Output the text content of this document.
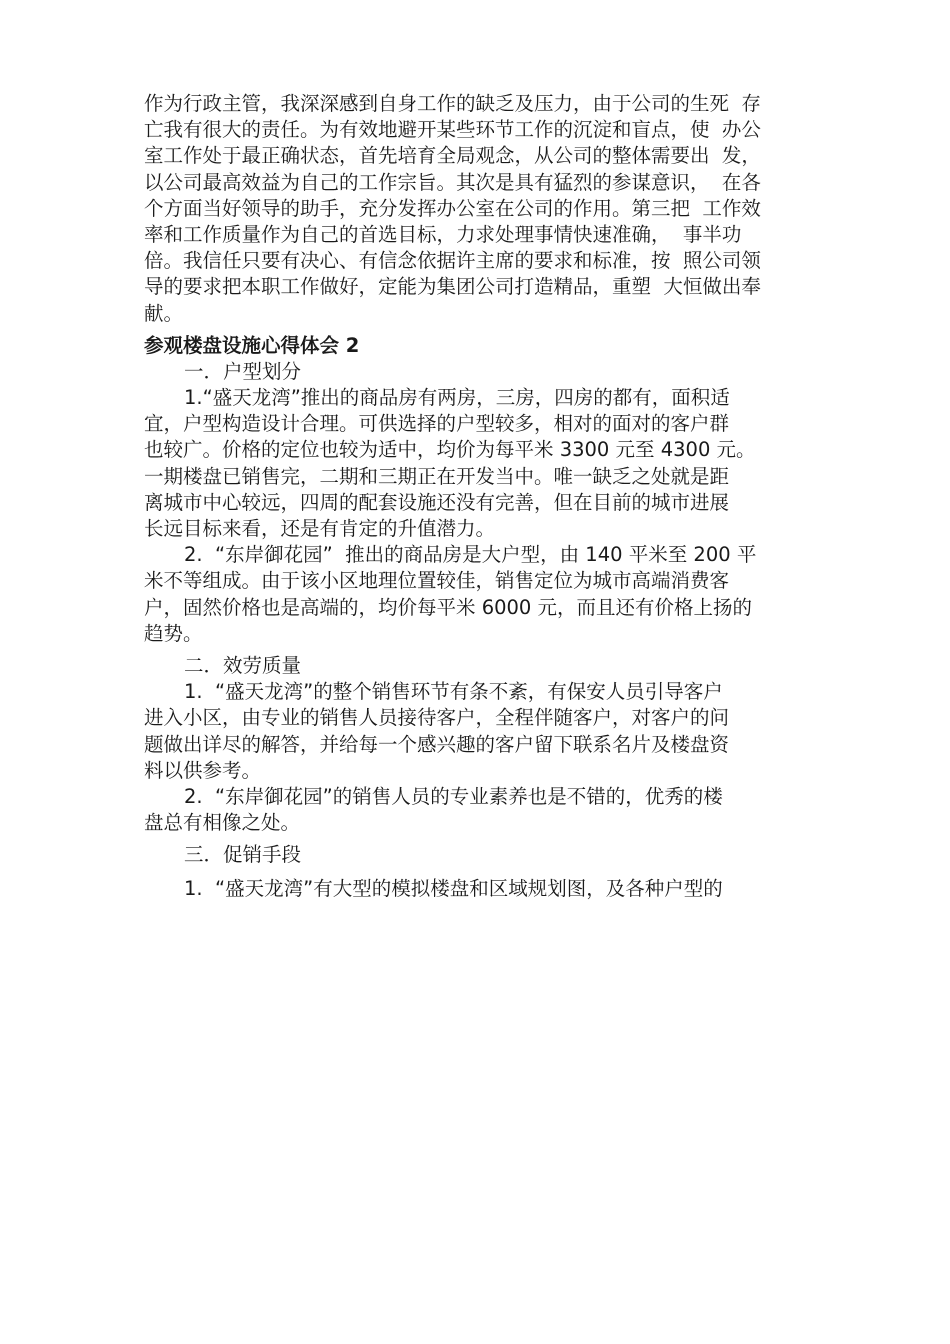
作为行政主管，我深深感到自身工作的缺乏及压力，由于公司的生死  存

亡我有很大的责任。为有效地避开某些环节工作的沉淀和盲点，使  办公

室工作处于最正确状态，首先培育全局观念，从公司的整体需要出  发，

以公司最高效益为自己的工作宗旨。其次是具有猛烈的参谋意识，  在各

个方面当好领导的助手，充分发挥办公室在公司的作用。第三把  工作效

率和工作质量作为自己的首选目标，力求处理事情快速准确，  事半功

倍。我信任只要有决心、有信念依据许主席的要求和标准，按  照公司领

导的要求把本职工作做好，定能为集团公司打造精品，重塑  大恒做出奉

献。

参观楼盘设施心得体会 2

一．户型划分

1.“盛天龙湾”推出的商品房有两房，三房，四房的都有，面积适

宜，户型构造设计合理。可供选择的户型较多，相对的面对的客户群

也较广。价格的定位也较为适中，均价为每平米 3300 元至 4300 元。

一期楼盘已销售完，二期和三期正在开发当中。唯一缺乏之处就是距

离城市中心较远，四周的配套设施还没有完善，但在目前的城市进展

长远目标来看，还是有肯定的升值潜力。

2.  “东岸御花园”  推出的商品房是大户型，由 140 平米至 200 平

米不等组成。由于该小区地理位置较佳，销售定位为城市高端消费客

户，固然价格也是高端的，均价每平米 6000 元，而且还有价格上扬的

趋势。

二．效劳质量

1.  “盛天龙湾”的整个销售环节有条不紊，有保安人员引导客户

进入小区，由专业的销售人员接待客户，全程伴随客户，对客户的问

题做出详尽的解答，并给每一个感兴趣的客户留下联系名片及楼盘资

料以供参考。

2.  “东岸御花园”的销售人员的专业素养也是不错的，优秀的楼

盘总有相像之处。

三．促销手段

1.  “盛天龙湾”有大型的模拟楼盘和区域规划图，及各种户型的
